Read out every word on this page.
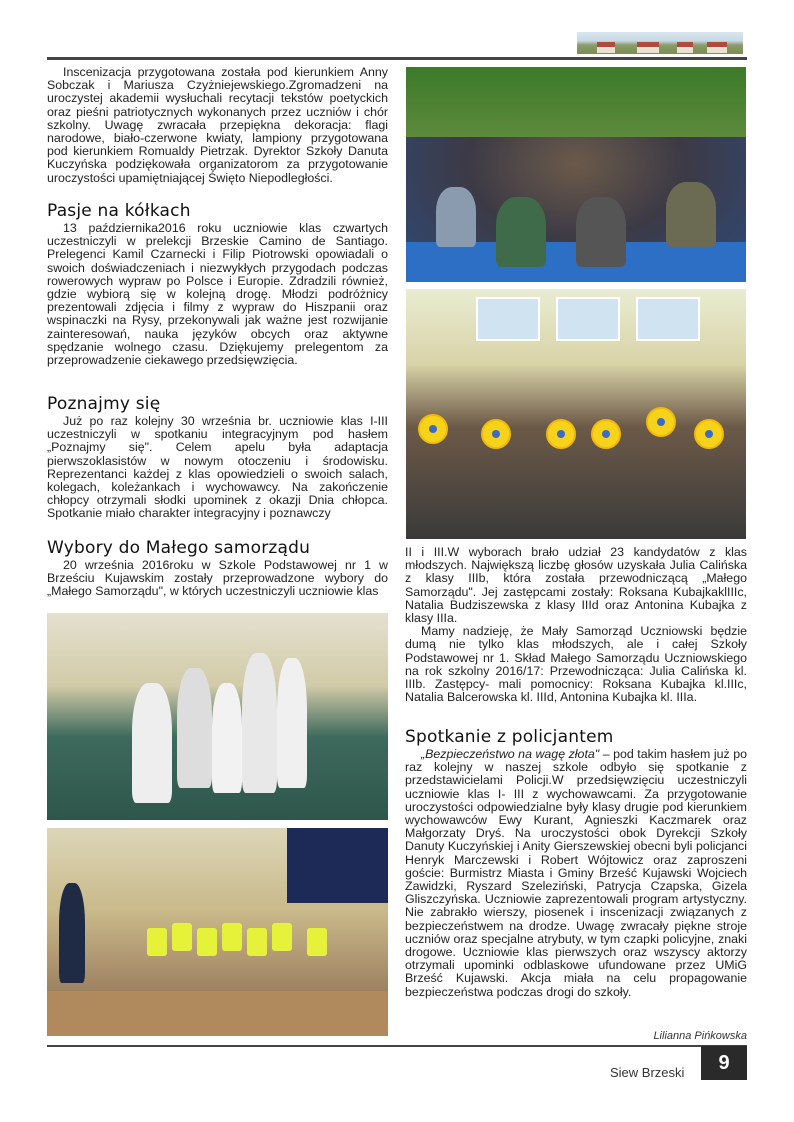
Inscenizacja przygotowana została pod kierunkiem Anny Sobczak i Mariusza Czyżniejewskiego.Zgromadzeni na uroczystej akademii wysłuchali recytacji tekstów poetyckich oraz pieśni patriotycznych wykonanych przez uczniów i chór szkolny. Uwagę zwracała przepiękna dekoracja: flagi narodowe, biało-czerwone kwiaty, lampiony przygotowana pod kierunkiem Romualdy Pietrzak. Dyrektor Szkoły Danuta Kuczyńska podziękowała organizatorom za przygotowanie uroczystości upamiętniającej Święto Niepodległości.

Pasje na kółkach

13 października2016 roku uczniowie klas czwartych uczestniczyli w prelekcji Brzeskie Camino de Santiago. Prelegenci Kamil Czarnecki i Filip Piotrowski opowiadali o swoich doświadczeniach i niezwykłych przygodach podczas rowerowych wypraw po Polsce i Europie. Zdradzili również, gdzie wybiorą się w kolejną drogę. Młodzi podróżnicy prezentowali zdjęcia i filmy z wypraw do Hiszpanii oraz wspinaczki na Rysy, przekonywali jak ważne jest rozwijanie zainteresowań, nauka języków obcych oraz aktywne spędzanie wolnego czasu. Dziękujemy prelegentom za przeprowadzenie ciekawego przedsięwzięcia.

Poznajmy się

Już po raz kolejny 30 września br. uczniowie klas I-III uczestniczyli w spotkaniu integracyjnym pod hasłem „Poznajmy się". Celem apelu była adaptacja pierwszoklasistów w nowym otoczeniu i środowisku. Reprezentanci każdej z klas opowiedzieli o swoich salach, kolegach, koleżankach i wychowawcy. Na zakończenie chłopcy otrzymali słodki upominek z okazji Dnia chłopca. Spotkanie miało charakter integracyjny i poznawczy

Wybory do Małego samorządu

20 września 2016roku w Szkole Podstawowej nr 1 w Brześciu Kujawskim zostały przeprowadzone wybory do „Małego Samorządu", w których uczestniczyli uczniowie klas

II i III.W wyborach brało udział 23 kandydatów z klas młodszych. Największą liczbę głosów uzyskała Julia Calińska z klasy IIIb, która została przewodniczącą „Małego Samorządu". Jej zastępcami zostały: Roksana KubajkaklIIIc, Natalia Budziszewska z klasy IIId oraz Antonina Kubajka z klasy IIIa.

Mamy nadzieję, że Mały Samorząd Uczniowski będzie dumą nie tylko klas młodszych, ale i całej Szkoły Podstawowej nr 1. Skład Małego Samorządu Uczniowskiego na rok szkolny 2016/17: Przewodnicząca: Julia Calińska kl. IIIb. Zastępcy- mali pomocnicy: Roksana Kubajka kl.IIIc, Natalia Balcerowska kl. IIId, Antonina Kubajka kl. IIIa.

Spotkanie z policjantem

„Bezpieczeństwo na wagę złota" – pod takim hasłem już po raz kolejny w naszej szkole odbyło się spotkanie z przedstawicielami Policji.W przedsięwzięciu uczestniczyli uczniowie klas I- III z wychowawcami. Za przygotowanie uroczystości odpowiedzialne były klasy drugie pod kierunkiem wychowawców Ewy Kurant, Agnieszki Kaczmarek oraz Małgorzaty Dryś. Na uroczystości obok Dyrekcji Szkoły Danuty Kuczyńskiej i Anity Gierszewskiej obecni byli policjanci Henryk Marczewski i Robert Wójtowicz oraz zaproszeni goście: Burmistrz Miasta i Gminy Brześć Kujawski Wojciech Zawidzki, Ryszard Szeleziński, Patrycja Czapska, Gizela Gliszczyńska. Uczniowie zaprezentowali program artystyczny. Nie zabrakło wierszy, piosenek i inscenizacji związanych z bezpieczeństwem na drodze. Uwagę zwracały piękne stroje uczniów oraz specjalne atrybuty, w tym czapki policyjne, znaki drogowe. Uczniowie klas pierwszych oraz wszyscy aktorzy otrzymali upominki odblaskowe ufundowane przez UMiG Brześć Kujawski. Akcja miała na celu propagowanie bezpieczeństwa podczas drogi do szkoły.

Lilianna Pińkowska
Siew Brzeski	9
